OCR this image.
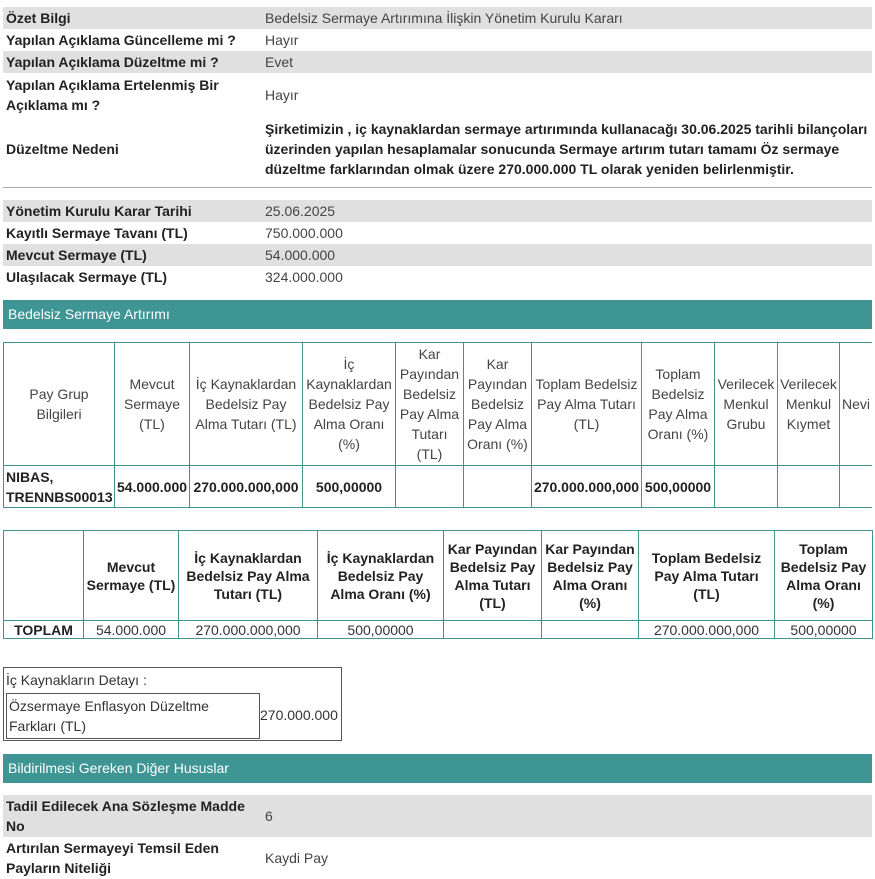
Özet Bilgi	Bedelsiz Sermaye Artırımına İlişkin Yönetim Kurulu Kararı
Yapılan Açıklama Güncelleme mi ?	Hayır
Yapılan Açıklama Düzeltme mi ?	Evet
Yapılan Açıklama Ertelenmiş Bir Açıklama mı ?	Hayır
Düzeltme Nedeni	Şirketimizin , iç kaynaklardan sermaye artırımında kullanacağı 30.06.2025 tarihli bilançoları üzerinden yapılan hesaplamalar sonucunda Sermaye artırım tutarı tamamı Öz sermaye düzeltme farklarından olmak üzere 270.000.000 TL olarak yeniden belirlenmiştir.
Yönetim Kurulu Karar Tarihi	25.06.2025
Kayıtlı Sermaye Tavanı (TL)	750.000.000
Mevcut Sermaye (TL)	54.000.000
Ulaşılacak Sermaye (TL)	324.000.000
Bedelsiz Sermaye Artırımı
Pay Grup Bilgileri	Mevcut Sermaye (TL)	İç Kaynaklardan Bedelsiz Pay Alma Tutarı (TL)	İç Kaynaklardan Bedelsiz Pay Alma Oranı (%)	Kar Payından Bedelsiz Pay Alma Tutarı (TL)	Kar Payından Bedelsiz Pay Alma Oranı (%)	Toplam Bedelsiz Pay Alma Tutarı (TL)	Toplam Bedelsiz Pay Alma Oranı (%)	Verilecek Menkul Grubu	Verilecek Menkul Kıymet	Nevi
NIBAS, TRENNBS00013	54.000.000	270.000.000,000	500,00000			270.000.000,000	500,00000			
	Mevcut Sermaye (TL)	İç Kaynaklardan Bedelsiz Pay Alma Tutarı (TL)	İç Kaynaklardan Bedelsiz Pay Alma Oranı (%)	Kar Payından Bedelsiz Pay Alma Tutarı (TL)	Kar Payından Bedelsiz Pay Alma Oranı (%)	Toplam Bedelsiz Pay Alma Tutarı (TL)	Toplam Bedelsiz Pay Alma Oranı (%)
TOPLAM	54.000.000	270.000.000,000	500,00000			270.000.000,000	500,00000
İç Kaynakların Detayı :
Özsermaye Enflasyon Düzeltme Farkları (TL)
270.000.000
Bildirilmesi Gereken Diğer Hususlar
Tadil Edilecek Ana Sözleşme Madde No	6
Artırılan Sermayeyi Temsil Eden Payların Niteliği	Kaydi Pay
